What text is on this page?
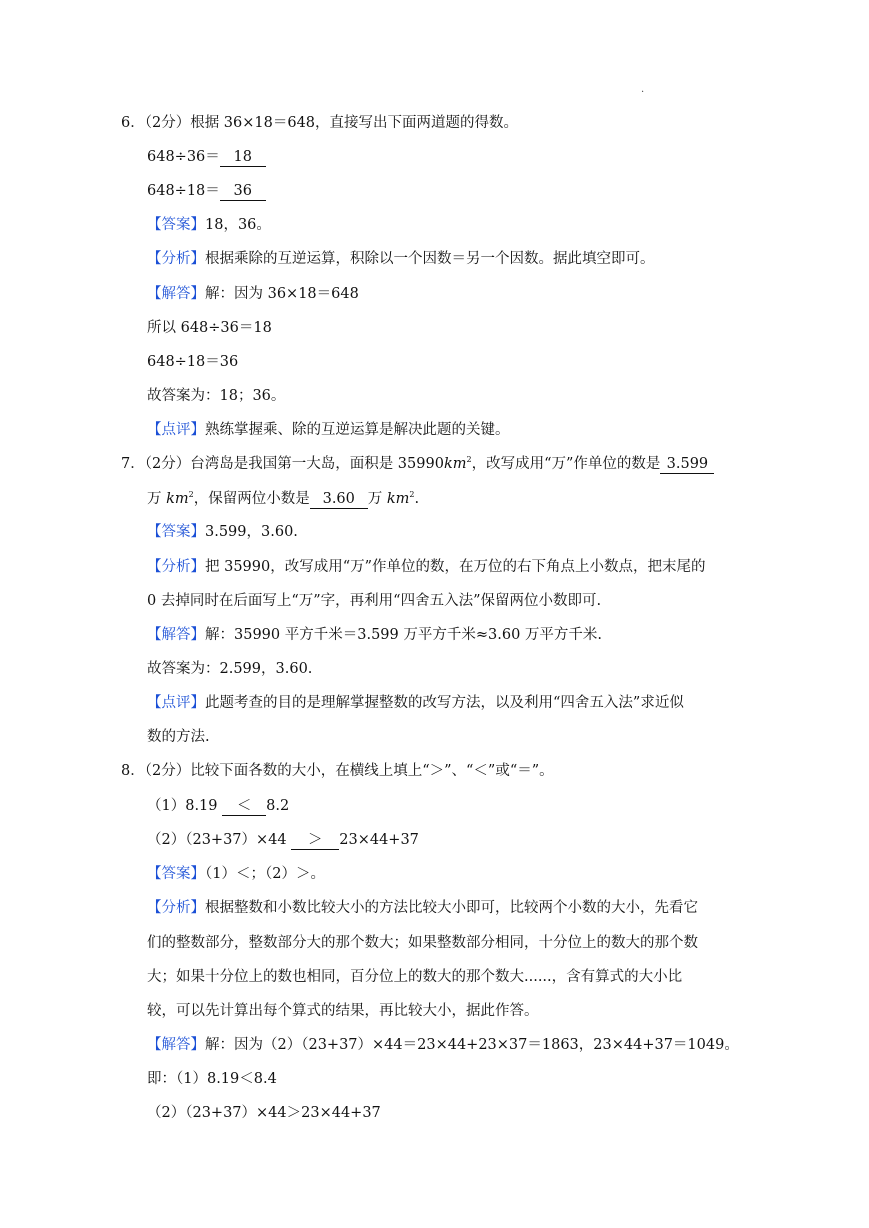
.
6．（2分）根据 36×18＝648，直接写出下面两道题的得数。
648÷36＝ 18
648÷18＝ 36
【答案】18，36。
【分析】根据乘除的互逆运算，积除以一个因数＝另一个因数。据此填空即可。
【解答】解：因为 36×18＝648
所以 648÷36＝18
648÷18＝36
故答案为：18；36。
【点评】熟练掌握乘、除的互逆运算是解决此题的关键。
7．（2分）台湾岛是我国第一大岛，面积是 $35990km^2$，改写成用“万”作单位的数是 3.599
万 $km^2$，保留两位小数是 3.60 万 $km^2$.
【答案】3.599，3.60.
【分析】把 35990，改写成用“万”作单位的数，在万位的右下角点上小数点，把末尾的
0 去掉同时在后面写上“万”字，再利用“四舍五入法”保留两位小数即可.
【解答】解：35990 平方千米＝3.599 万平方千米≈3.60 万平方千米.
故答案为：2.599，3.60.
【点评】此题考查的目的是理解掌握整数的改写方法，以及利用“四舍五入法”求近似
数的方法.
8．（2分）比较下面各数的大小，在横线上填上“＞”、“＜”或“＝”。
（1）8.19 ＜ 8.2
（2）（23+37）×44 ＞ 23×44+37
【答案】（1）＜；（2）＞。
【分析】根据整数和小数比较大小的方法比较大小即可，比较两个小数的大小，先看它
们的整数部分，整数部分大的那个数大；如果整数部分相同，十分位上的数大的那个数
大；如果十分位上的数也相同，百分位上的数大的那个数大......，含有算式的大小比
较，可以先计算出每个算式的结果，再比较大小，据此作答。
【解答】解：因为（2）（23+37）×44＝23×44+23×37＝1863，23×44+37＝1049。
即：（1）8.19＜8.4
（2）（23+37）×44＞23×44+37
